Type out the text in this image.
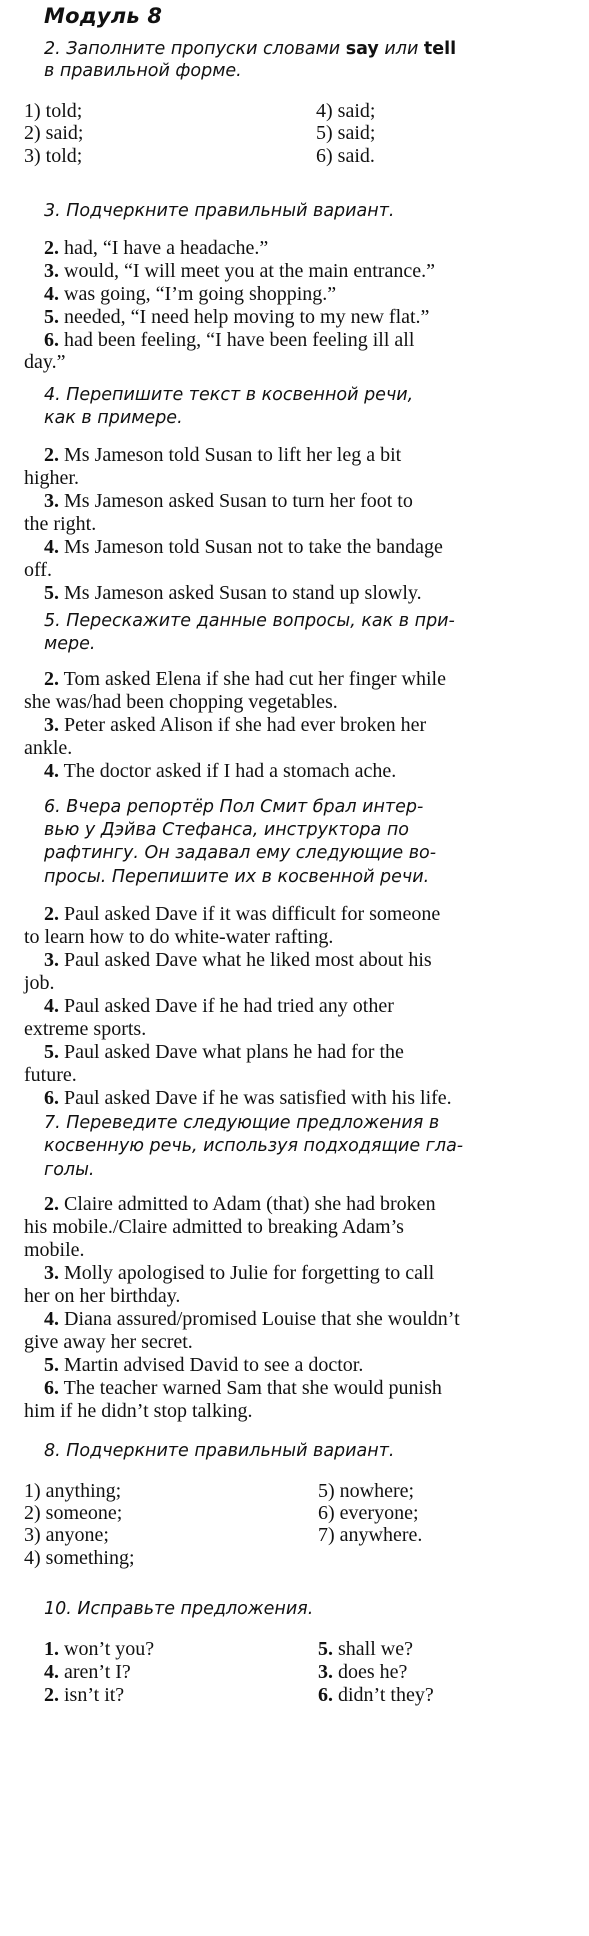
Модуль 8
2. Заполните пропуски словами say или tell
в правильной форме.
1) told;
2) said;
3) told;
4) said;
5) said;
6) said.
3. Подчеркните правильный вариант.
2. had, “I have a headache.”
3. would, “I will meet you at the main entrance.”
4. was going, “I’m going shopping.”
5. needed, “I need help moving to my new flat.”
6. had been feeling, “I have been feeling ill all
day.”
4. Перепишите текст в косвенной речи,
как в примере.
2. Ms Jameson told Susan to lift her leg a bit
higher.
3. Ms Jameson asked Susan to turn her foot to
the right.
4. Ms Jameson told Susan not to take the bandage
off.
5. Ms Jameson asked Susan to stand up slowly.
5. Перескажите данные вопросы, как в при-
мере.
2. Tom asked Elena if she had cut her finger while
she was/had been chopping vegetables.
3. Peter asked Alison if she had ever broken her
ankle.
4. The doctor asked if I had a stomach ache.
6. Вчера репортёр Пол Смит брал интер-
вью у Дэйва Стефанса, инструктора по
рафтингу. Он задавал ему следующие во-
просы. Перепишите их в косвенной речи.
2. Paul asked Dave if it was difficult for someone
to learn how to do white-water rafting.
3. Paul asked Dave what he liked most about his
job.
4. Paul asked Dave if he had tried any other
extreme sports.
5. Paul asked Dave what plans he had for the
future.
6. Paul asked Dave if he was satisfied with his life.
7. Переведите следующие предложения в
косвенную речь, используя подходящие гла-
голы.
2. Claire admitted to Adam (that) she had broken
his mobile./Claire admitted to breaking Adam’s
mobile.
3. Molly apologised to Julie for forgetting to call
her on her birthday.
4. Diana assured/promised Louise that she wouldn’t
give away her secret.
5. Martin advised David to see a doctor.
6. The teacher warned Sam that she would punish
him if he didn’t stop talking.
8. Подчеркните правильный вариант.
1) anything;
2) someone;
3) anyone;
4) something;
5) nowhere;
6) everyone;
7) anywhere.
10. Исправьте предложения.
1. won’t you?
4. aren’t I?
2. isn’t it?
5. shall we?
3. does he?
6. didn’t they?
